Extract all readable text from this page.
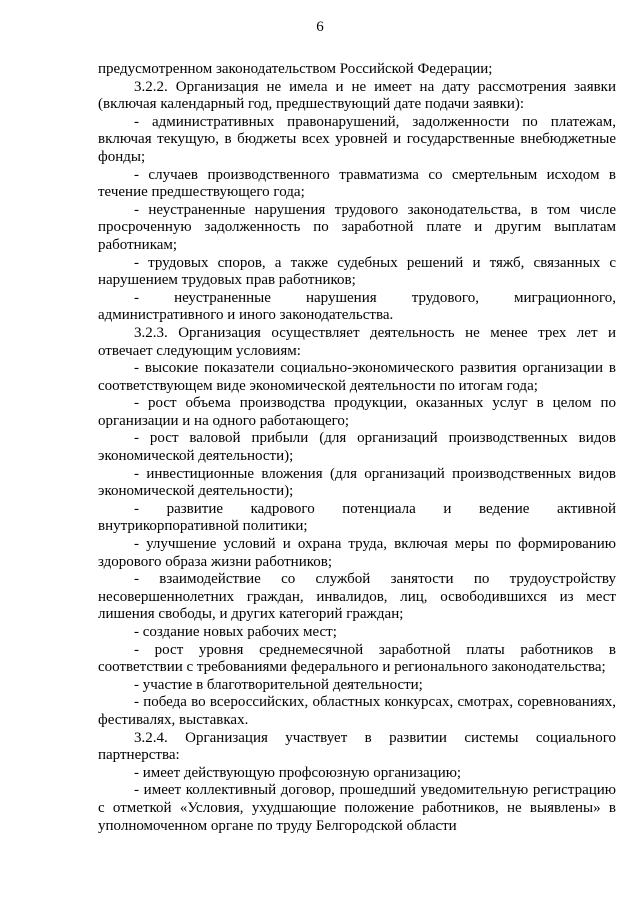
6

предусмотренном законодательством Российской Федерации;

3.2.2. Организация не имела и не имеет на дату рассмотрения заявки (включая календарный год, предшествующий дате подачи заявки):

- административных правонарушений, задолженности по платежам, включая текущую, в бюджеты всех уровней и государственные внебюджетные фонды;

- случаев производственного травматизма со смертельным исходом в течение предшествующего года;

- неустраненные нарушения трудового законодательства, в том числе просроченную задолженность по заработной плате и другим выплатам работникам;

- трудовых споров, а также судебных решений и тяжб, связанных с нарушением трудовых прав работников;

- неустраненные нарушения трудового, миграционного, административного и иного законодательства.

3.2.3. Организация осуществляет деятельность не менее трех лет и отвечает следующим условиям:

- высокие показатели социально-экономического развития организации в соответствующем виде экономической деятельности по итогам года;

- рост объема производства продукции, оказанных услуг в целом по организации и на одного работающего;

- рост валовой прибыли (для организаций производственных видов экономической деятельности);

- инвестиционные вложения (для организаций производственных видов экономической деятельности);

- развитие кадрового потенциала и ведение активной внутрикорпоративной политики;

- улучшение условий и охрана труда, включая меры по формированию здорового образа жизни работников;

- взаимодействие со службой занятости по трудоустройству несовершеннолетних граждан, инвалидов, лиц, освободившихся из мест лишения свободы, и других категорий граждан;

- создание новых рабочих мест;

- рост уровня среднемесячной заработной платы работников в соответствии с требованиями федерального и регионального законодательства;

- участие в благотворительной деятельности;

- победа во всероссийских, областных конкурсах, смотрах, соревнованиях, фестивалях, выставках.

3.2.4. Организация участвует в развитии системы социального партнерства:

- имеет действующую профсоюзную организацию;

- имеет коллективный договор, прошедший уведомительную регистрацию с отметкой «Условия, ухудшающие положение работников, не выявлены» в уполномоченном органе по труду Белгородской области
